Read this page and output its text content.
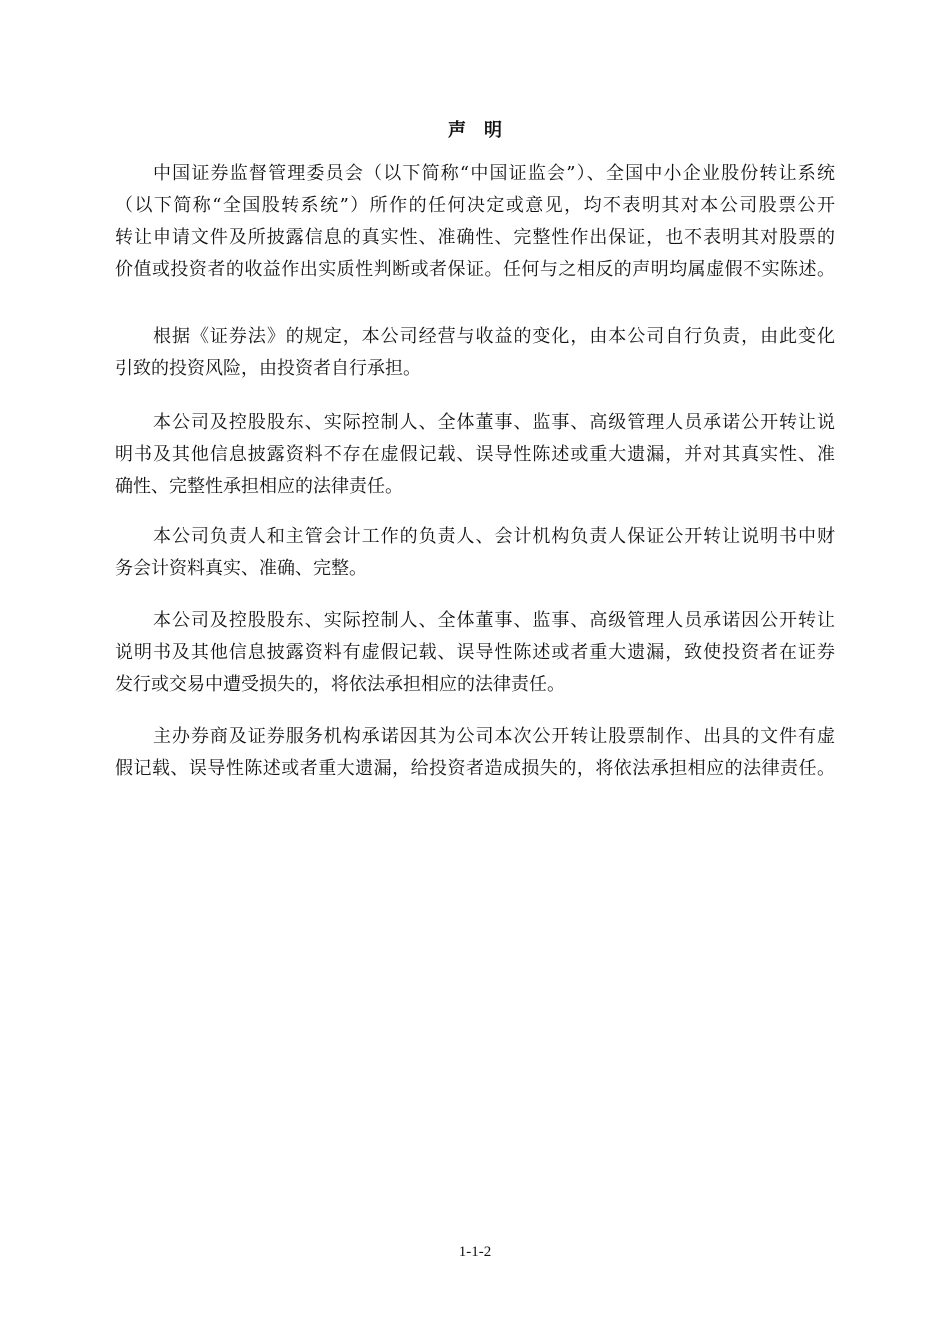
声明
中国证券监督管理委员会（以下简称“中国证监会”）、全国中小企业股份转让系统
（以下简称“全国股转系统”）所作的任何决定或意见，均不表明其对本公司股票公开
转让申请文件及所披露信息的真实性、准确性、完整性作出保证，也不表明其对股票的
价值或投资者的收益作出实质性判断或者保证。任何与之相反的声明均属虚假不实陈述。
根据《证券法》的规定，本公司经营与收益的变化，由本公司自行负责，由此变化
引致的投资风险，由投资者自行承担。
本公司及控股股东、实际控制人、全体董事、监事、高级管理人员承诺公开转让说
明书及其他信息披露资料不存在虚假记载、误导性陈述或重大遗漏，并对其真实性、准
确性、完整性承担相应的法律责任。
本公司负责人和主管会计工作的负责人、会计机构负责人保证公开转让说明书中财
务会计资料真实、准确、完整。
本公司及控股股东、实际控制人、全体董事、监事、高级管理人员承诺因公开转让
说明书及其他信息披露资料有虚假记载、误导性陈述或者重大遗漏，致使投资者在证券
发行或交易中遭受损失的，将依法承担相应的法律责任。
主办券商及证券服务机构承诺因其为公司本次公开转让股票制作、出具的文件有虚
假记载、误导性陈述或者重大遗漏，给投资者造成损失的，将依法承担相应的法律责任。
1-1-2
